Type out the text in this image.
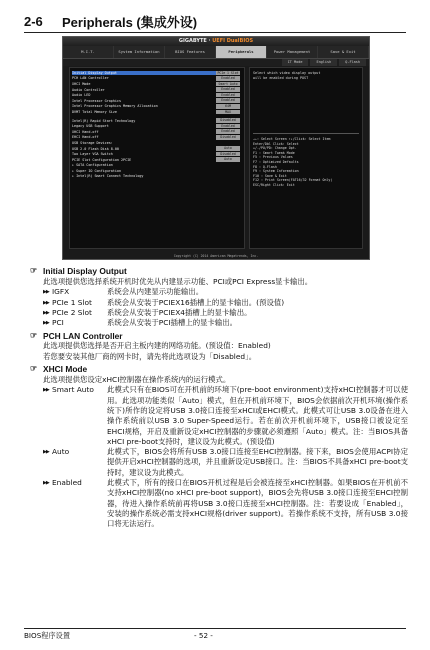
2-6	Peripherals (集成外设)
GIGABYTE · UEFI DualBIOS
M.I.T.	System Information	BIOS Features	Peripherals	Power Management	Save & Exit
IT Mode	English	Q-Flash
Initial Display Output	PCIe 1 Slot
PCH LAN Controller	Enabled
XHCI Mode	Smart Auto
Audio Controller	Enabled
Audio LED	Enabled
Intel Processor Graphics	Enabled
Intel Processor Graphics Memory Allocation	64M
DVMT Total Memory Size	MAX
Intel(R) Rapid Start Technology	Disabled
Legacy USB Support	Enabled
XHCI Hand-off	Enabled
EHCI Hand-off	Disabled
USB Storage Devices:
USB 2.0 Flash Disk 8.00	Auto
Two Layer VGA Switch	Disabled
PCIE Slot Configuration 2PCIE	Auto
▸ SATA Configuration
▸ Super IO Configuration
▸ Intel(R) Smart Connect Technology
Select which video display output
will be enabled during POST
→←: Select Screen ↑↓/Click: Select Item
Enter/Dbl Click: Select
+/-/PU/PD: Change Opt.
F1 : Smart Tweak Mode
F5 : Previous Values
F7 : Optimized Defaults
F8 : Q-Flash
F9 : System Information
F10 : Save & Exit
F12 : Print Screen(FAT16/32 Format Only)
ESC/Right Click: Exit
Copyright (C) 2014 American Megatrends, Inc.
☞ Initial Display Output
此选项提供您选择系统开机时优先从内建显示功能、PCI或PCI Express显卡输出。
▶▶ IGFX	系统会从内建显示功能输出。
▶▶ PCIe 1 Slot 系统会从安装于PCIEX16插槽上的显卡输出。(预设值)
▶▶ PCIe 2 Slot 系统会从安装于PCIEX4插槽上的显卡输出。
▶▶ PCI	系统会从安装于PCI插槽上的显卡输出。
☞ PCH LAN Controller
此选项提供您选择是否开启主板内建的网络功能。(预设值：Enabled)
若您要安装其他厂商的网卡时，请先将此选项设为「Disabled」。
☞ XHCI Mode
此选项提供您设定xHCI控制器在操作系统内的运行模式。
▶▶ Smart Auto 此模式只有在BIOS可在开机前的环境下(pre-boot environment)支持xHCI控制器才可以使用。此选项功能类似「Auto」模式，但在开机前环境下，BIOS会依据前次开机环境(操作系统下)所作的设定将USB 3.0接口连接至xHCI或EHCI模式。此模式可让USB 3.0设备在进入操作系统前以USB 3.0 Super-Speed运行。若在前次开机前环境下，USB接口被设定至EHCI规格，开启及重新设定xHCI控制器的步骤就必须遵照「Auto」模式。注：当BIOS具备xHCI pre-boot支持时，建议设为此模式。(预设值)
▶▶ Auto	此模式下，BIOS会将所有USB 3.0接口连接至EHCI控制器。接下来，BIOS会使用ACPI协定提供开启xHCI控制器的选项，并且重新设定USB接口。注：当BIOS不具备xHCI pre-boot支持时，建议设为此模式。
▶▶ Enabled	此模式下，所有的接口在BIOS开机过程是后会被连接至xHCI控制器。如果BIOS在开机前不支持xHCI控制器(no xHCI pre-boot support)，BIOS会先将USB 3.0接口连接至EHCI控制器，待进入操作系统前再将USB 3.0接口连接至xHCI控制器。注：若要设成「Enabled」，安装的操作系统必需支持xHCI规格(driver support)。若操作系统不支持，所有USB 3.0接口将无法运行。
BIOS程序设置	- 52 -
